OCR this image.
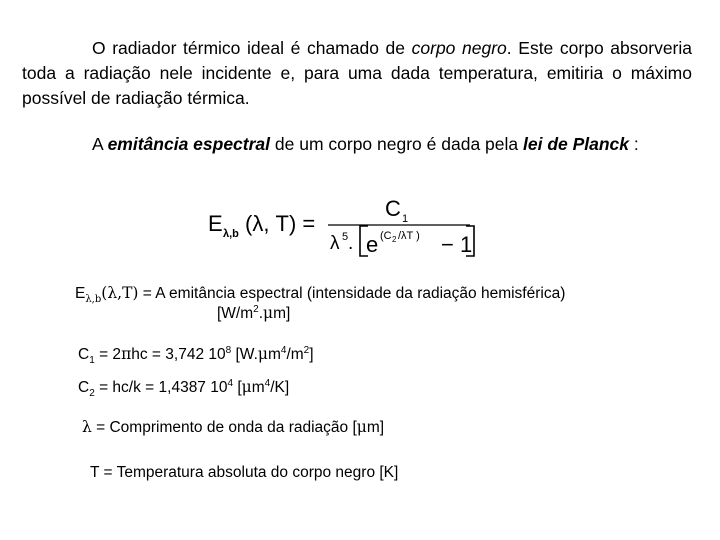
O radiador térmico ideal é chamado de corpo negro. Este corpo absorveria toda a radiação nele incidente e, para uma dada temperatura, emitiria o máximo possível de radiação térmica.

A emitância espectral de um corpo negro é dada pela lei de Planck :

E λ,b (λ, T) =
C 1
λ 5 . e (C 2 /λT ) − 1

$E_{\lambda,b}(\lambda,T) = A$ emitância espectral (intensidade da radiação hemisférica)

$[W/m^2.\mu m]$

$C_1 = 2\pi hc = 3,742$ $10^8$ $[W.\mu m^4/m^2]$

$C_2 = hc/k = 1,4387$ $10^4$ $[\mu m^4/K]$

λ = Comprimento de onda da radiação [μm]

T = Temperatura absoluta do corpo negro [K]
